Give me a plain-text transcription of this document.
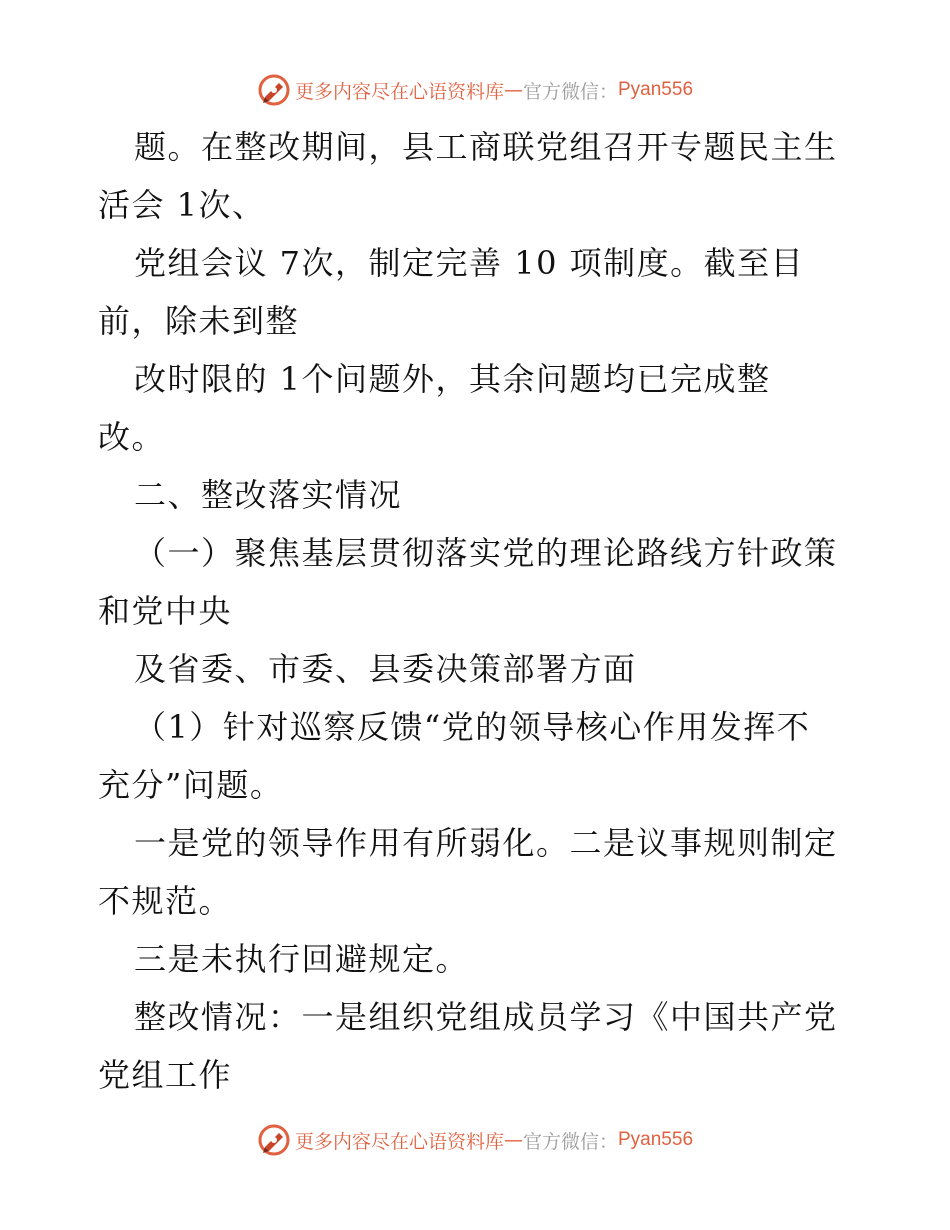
更多内容尽在心语资料库 — 官方微信： Pyan556
题。在整改期间，县工商联党组召开专题民主生
活会 1次、
党组会议 7次，制定完善 10 项制度。截至目
前，除未到整
改时限的 1个问题外，其余问题均已完成整
改。
二、整改落实情况
（一）聚焦基层贯彻落实党的理论路线方针政策
和党中央
及省委、市委、县委决策部署方面
（1）针对巡察反馈“党的领导核心作用发挥不
充分”问题。
一是党的领导作用有所弱化。二是议事规则制定
不规范。
三是未执行回避规定。
整改情况：一是组织党组成员学习《中国共产党
党组工作
更多内容尽在心语资料库 — 官方微信： Pyan556
